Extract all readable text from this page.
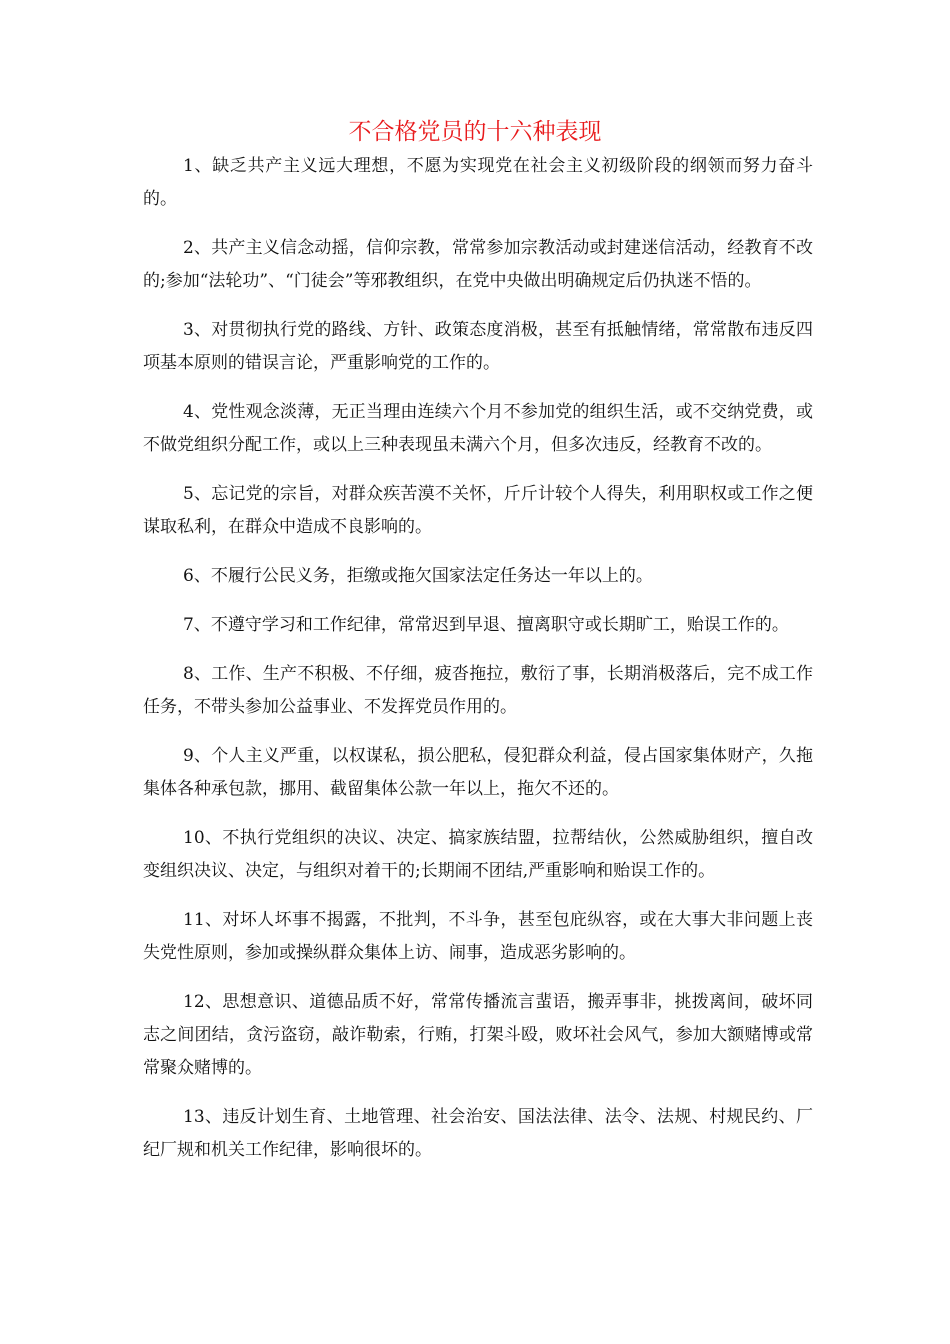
不合格党员的十六种表现

1、缺乏共产主义远大理想，不愿为实现党在社会主义初级阶段的纲领而努力奋斗的。

2、共产主义信念动摇，信仰宗教，常常参加宗教活动或封建迷信活动，经教育不改的;参加“法轮功”、“门徒会”等邪教组织，在党中央做出明确规定后仍执迷不悟的。

3、对贯彻执行党的路线、方针、政策态度消极，甚至有抵触情绪，常常散布违反四项基本原则的错误言论，严重影响党的工作的。

4、党性观念淡薄，无正当理由连续六个月不参加党的组织生活，或不交纳党费，或不做党组织分配工作，或以上三种表现虽未满六个月，但多次违反，经教育不改的。

5、忘记党的宗旨，对群众疾苦漠不关怀，斤斤计较个人得失，利用职权或工作之便谋取私利，在群众中造成不良影响的。

6、不履行公民义务，拒缴或拖欠国家法定任务达一年以上的。

7、不遵守学习和工作纪律，常常迟到早退、擅离职守或长期旷工，贻误工作的。

8、工作、生产不积极、不仔细，疲沓拖拉，敷衍了事，长期消极落后，完不成工作任务，不带头参加公益事业、不发挥党员作用的。

9、个人主义严重，以权谋私，损公肥私，侵犯群众利益，侵占国家集体财产，久拖集体各种承包款，挪用、截留集体公款一年以上，拖欠不还的。

10、不执行党组织的决议、决定、搞家族结盟，拉帮结伙，公然威胁组织，擅自改变组织决议、决定，与组织对着干的;长期闹不团结,严重影响和贻误工作的。

11、对坏人坏事不揭露，不批判，不斗争，甚至包庇纵容，或在大事大非问题上丧失党性原则，参加或操纵群众集体上访、闹事，造成恶劣影响的。

12、思想意识、道德品质不好，常常传播流言蜚语，搬弄事非，挑拨离间，破坏同志之间团结，贪污盗窃，敲诈勒索，行贿，打架斗殴，败坏社会风气，参加大额赌博或常常聚众赌博的。

13、违反计划生育、土地管理、社会治安、国法法律、法令、法规、村规民约、厂纪厂规和机关工作纪律，影响很坏的。
